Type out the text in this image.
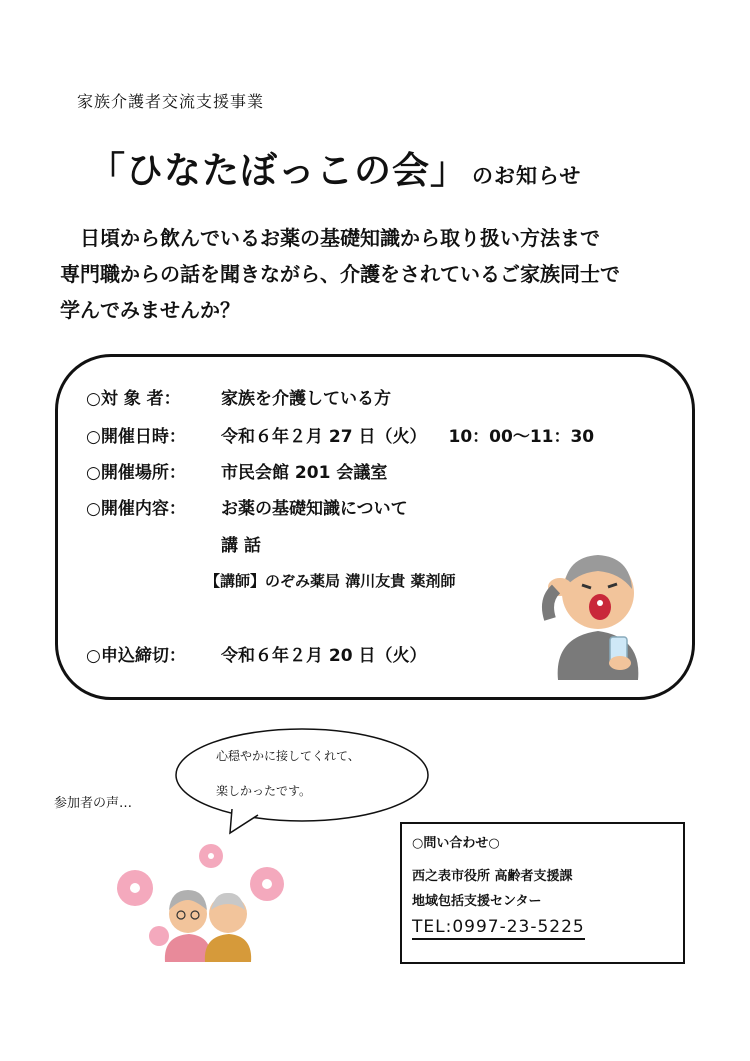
家族介護者交流支援事業
「ひなたぼっこの会」 のお知らせ

　日頃から飲んでいるお薬の基礎知識から取り扱い方法まで

専門職からの話を聞きながら、介護をされているご家族同士で

学んでみませんか？

○対 象 者： 家族を介護している方
○開催日時： 令和６年２月 27 日（火） 10：00～11：30
○開催場所： 市民会館 201 会議室
○開催内容： お薬の基礎知識について
講 話
【講師】のぞみ薬局 溝川友貴 薬剤師
○申込締切： 令和６年２月 20 日（火）
参加者の声…
心穏やかに接してくれて、
楽しかったです。
○問い合わせ○
西之表市役所 高齢者支援課
地域包括支援センター
TEL:0997-23-5225
